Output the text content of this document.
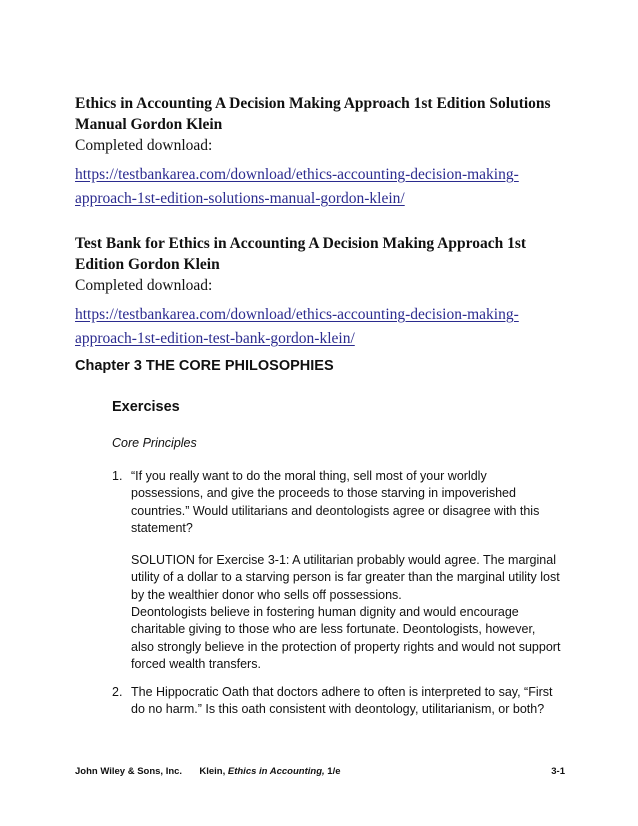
Ethics in Accounting A Decision Making Approach 1st Edition Solutions
Manual Gordon Klein
Completed download:
https://testbankarea.com/download/ethics-accounting-decision-making-
approach-1st-edition-solutions-manual-gordon-klein/
Test Bank for Ethics in Accounting A Decision Making Approach 1st
Edition Gordon Klein
Completed download:
https://testbankarea.com/download/ethics-accounting-decision-making-
approach-1st-edition-test-bank-gordon-klein/
Chapter 3 THE CORE PHILOSOPHIES
Exercises
Core Principles
1. “If you really want to do the moral thing, sell most of your worldly
possessions, and give the proceeds to those starving in impoverished
countries.” Would utilitarians and deontologists agree or disagree with this
statement?
SOLUTION for Exercise 3-1: A utilitarian probably would agree. The marginal
utility of a dollar to a starving person is far greater than the marginal utility lost
by the wealthier donor who sells off possessions.
Deontologists believe in fostering human dignity and would encourage
charitable giving to those who are less fortunate. Deontologists, however,
also strongly believe in the protection of property rights and would not support
forced wealth transfers.
2. The Hippocratic Oath that doctors adhere to often is interpreted to say, “First
do no harm.” Is this oath consistent with deontology, utilitarianism, or both?
John Wiley & Sons, Inc. Klein, Ethics in Accounting, 1/e	3-1
